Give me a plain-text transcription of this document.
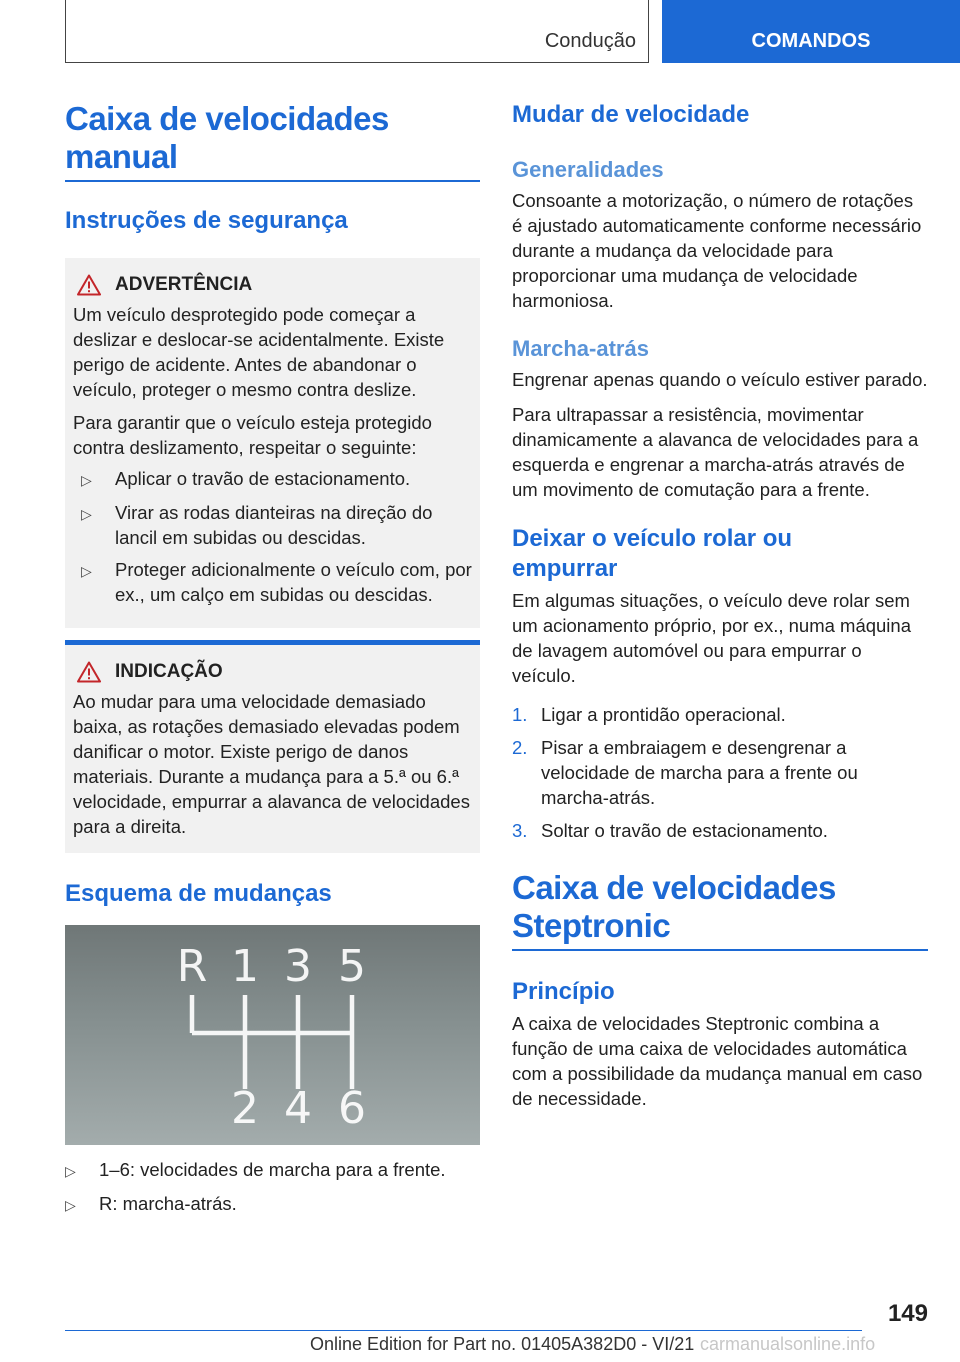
Condução	COMANDOS
Caixa de velocidades
manual
Instruções de segurança
ADVERTÊNCIA

Um veículo desprotegido pode começar a deslizar e deslocar-se acidentalmente. Existe perigo de acidente. Antes de abandonar o veículo, proteger o mesmo contra deslize.

Para garantir que o veículo esteja protegido contra deslizamento, respeitar o seguinte:

▷	Aplicar o travão de estacionamento.
▷	Virar as rodas dianteiras na direção do lancil em subidas ou descidas.
▷	Proteger adicionalmente o veículo com, por ex., um calço em subidas ou descidas.
INDICAÇÃO

Ao mudar para uma velocidade demasiado baixa, as rotações demasiado elevadas podem danificar o motor. Existe perigo de danos materiais. Durante a mudança para a 5.ª ou 6.ª velocidade, empurrar a alavanca de velocidades para a direita.

Esquema de mudanças
R 1 3 5
2 4 6
▷	1–6: velocidades de marcha para a frente.
▷	R: marcha-atrás.
Mudar de velocidade
Generalidades

Consoante a motorização, o número de rotações é ajustado automaticamente conforme necessário durante a mudança da velocidade para proporcionar uma mudança de velocidade harmoniosa.

Marcha-atrás

Engrenar apenas quando o veículo estiver parado.

Para ultrapassar a resistência, movimentar dinamicamente a alavanca de velocidades para a esquerda e engrenar a marcha-atrás através de um movimento de comutação para a frente.

Deixar o veículo rolar ou
empurrar

Em algumas situações, o veículo deve rolar sem um acionamento próprio, por ex., numa máquina de lavagem automóvel ou para empurrar o veículo.

1. Ligar a prontidão operacional.
2. Pisar a embraiagem e desengrenar a velocidade de marcha para a frente ou marcha-atrás.
3. Soltar o travão de estacionamento.
Caixa de velocidades
Steptronic
Princípio

A caixa de velocidades Steptronic combina a função de uma caixa de velocidades automática com a possibilidade da mudança manual em caso de necessidade.

149
Online Edition for Part no. 01405A382D0 - VI/21 carmanualsonline.info
